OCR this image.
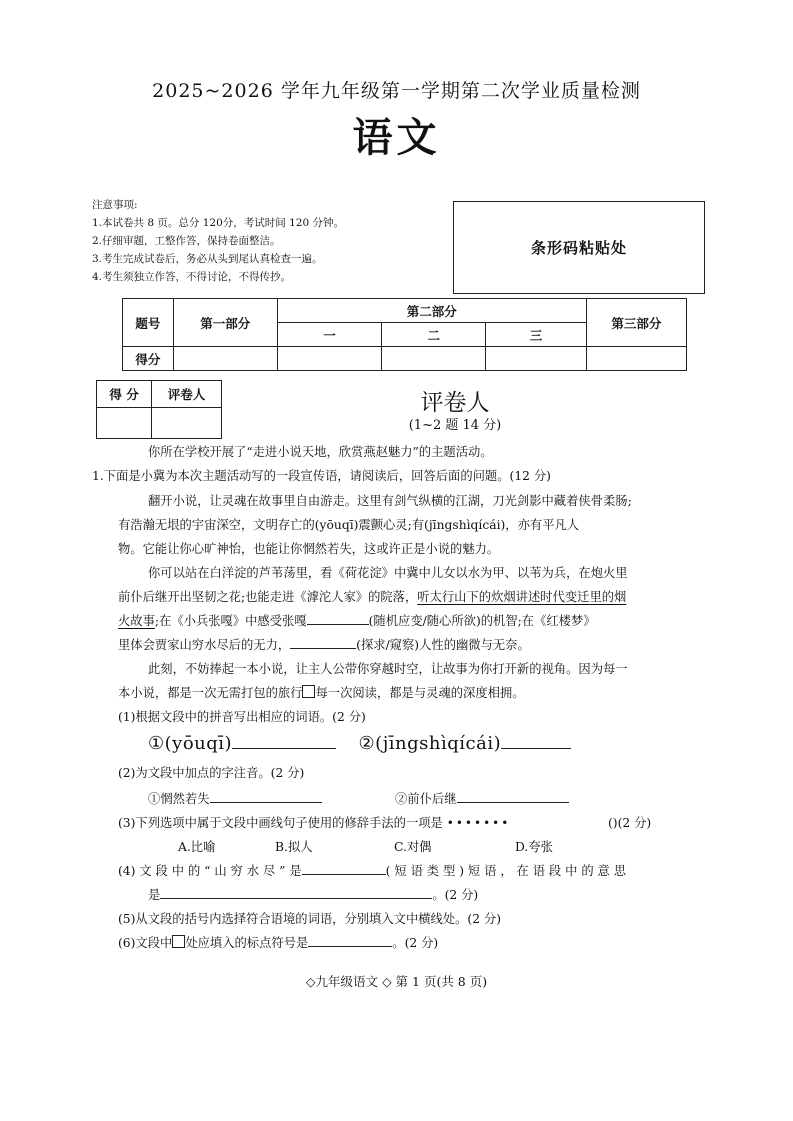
2025~2026 学年九年级第一学期第二次学业质量检测
语文
注意事项:
1.本试卷共 8 页。总分 120分，考试时间 120 分钟。
2.仔细审题，工整作答，保持卷面整洁。
3.考生完成试卷后，务必从头到尾认真检查一遍。
4.考生须独立作答，不得讨论，不得传抄。
条形码粘贴处
题号	第一部分	第二部分			第三部分
		一	二	三	
得分					
得 分	评卷人
		评卷人
(1~2 题 14 分)
你所在学校开展了“走进小说天地，欣赏燕赵魅力”的主题活动。
1.下面是小冀为本次主题活动写的一段宣传语，请阅读后，回答后面的问题。(12 分)
翻开小说，让灵魂在故事里自由游走。这里有剑气纵横的江湖，刀光剑影中藏着侠骨柔肠;
有浩瀚无垠的宇宙深空，文明存亡的(yōuqī)震颤心灵;有(jīngshìqícái)，亦有平凡人
物。它能让你心旷神怡，也能让你惘然若失，这或许正是小说的魅力。
你可以站在白洋淀的芦苇荡里，看《荷花淀》中冀中儿女以水为甲、以苇为兵，在炮火里
前仆后继开出坚韧之花;也能走进《滹沱人家》的院落，听太行山下的炊烟讲述时代变迁里的烟
火故事;在《小兵张嘎》中感受张嘎	(随机应变/随心所欲)的机智;在《红楼梦》
里体会贾家山穷水尽后的无力，	(探求/窥察)人性的幽微与无奈。
此刻，不妨捧起一本小说，让主人公带你穿越时空，让故事为你打开新的视角。因为每一
本小说，都是一次无需打包的旅行 每一次阅读，都是与灵魂的深度相拥。
(1)根据文段中的拼音写出相应的词语。(2 分)
①(yōuqī)	②(jīngshìqícái)
(2)为文段中加点的字注音。(2 分)
①惘然若失	②前仆后继
(3)下列选项中属于文段中画线句子使用的修辞手法的一项是 •••••••	()(2 分)
A.比喻	B.拟人	C.对偶	D.夸张
(4) 文 段 中 的 “ 山 穷 水 尽 ” 是	( 短 语 类 型 ) 短 语 ， 在 语 段 中 的 意 思
是	。(2 分)
(5)从文段的括号内选择符合语境的词语，分别填入文中横线处。(2 分)
(6)文段中 处应填入的标点符号是	。(2 分)
◇九年级语文 ◇ 第 1 页(共 8 页)
